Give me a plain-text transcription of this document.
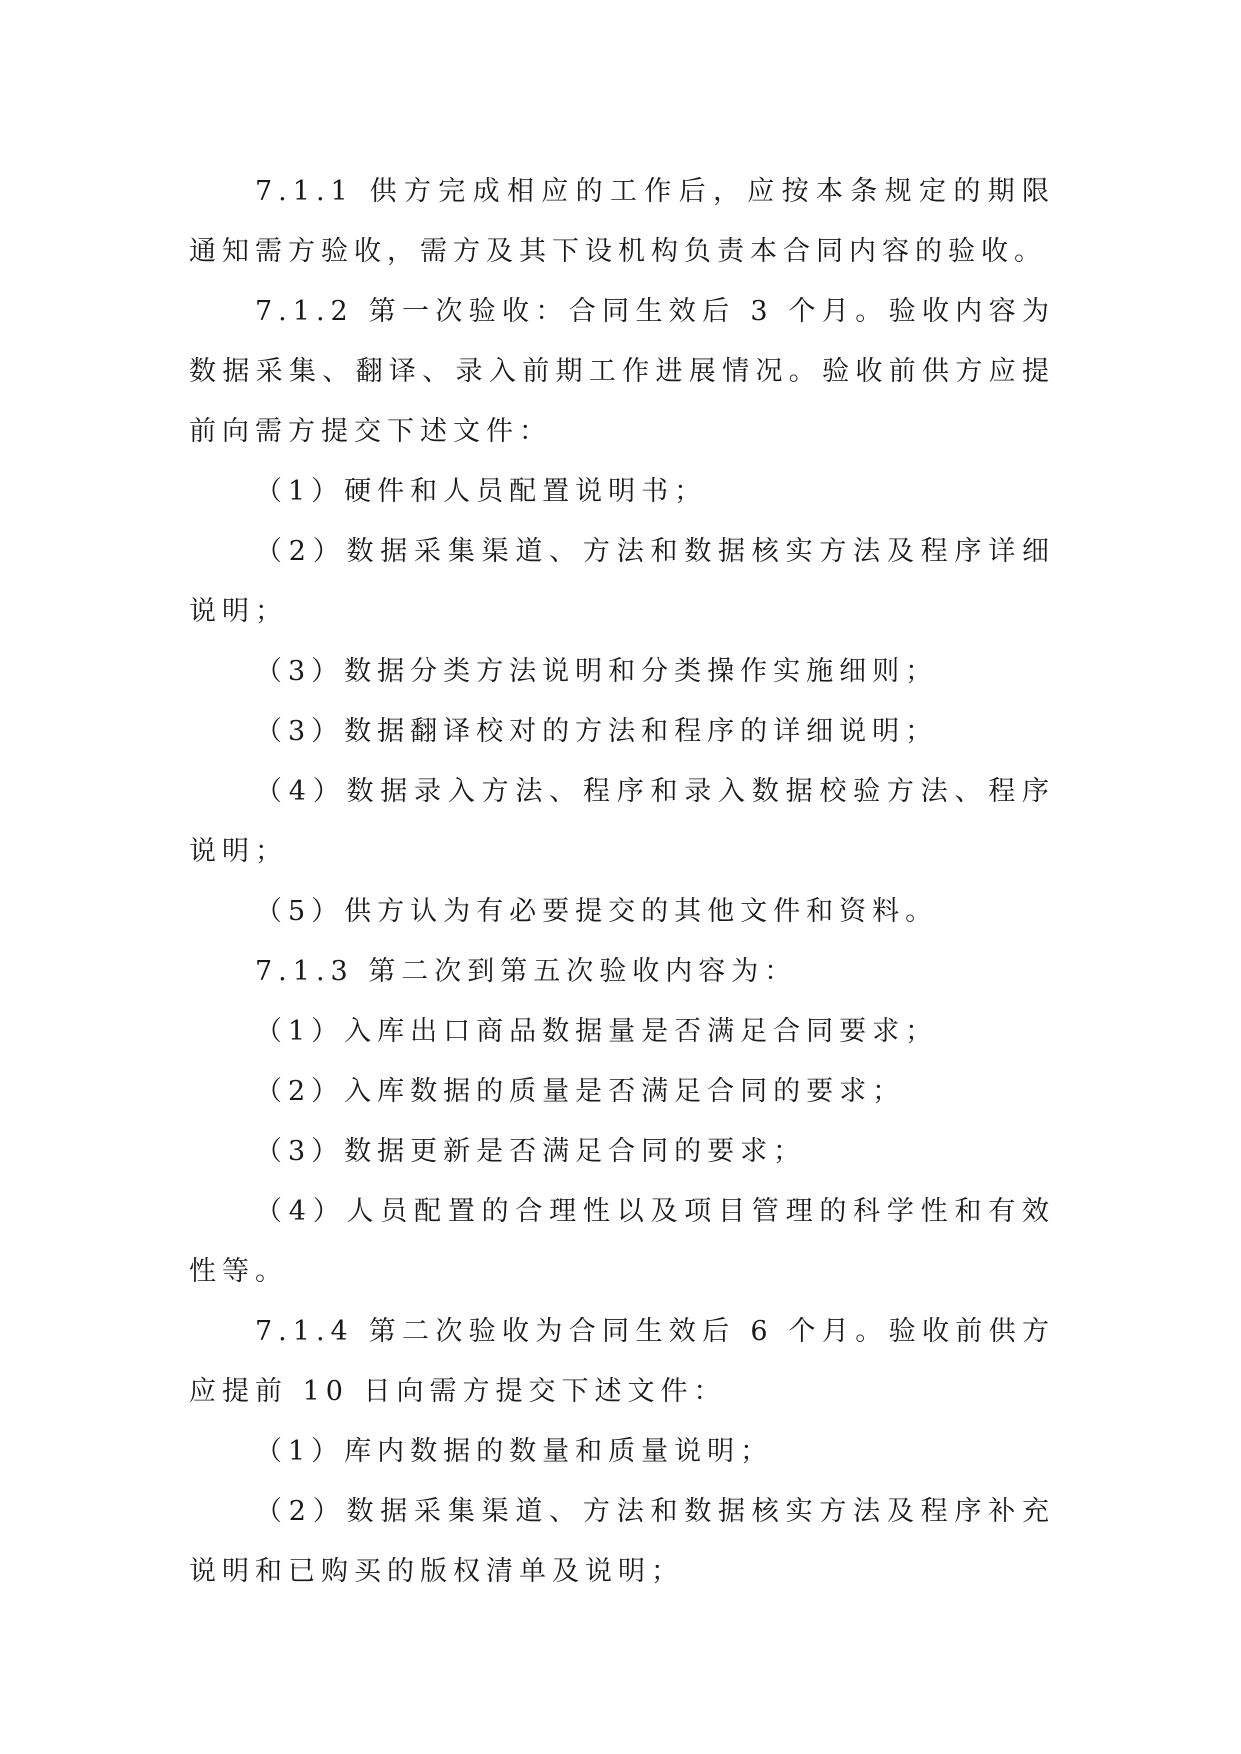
7.1.1 供方完成相应的工作后，应按本条规定的期限通知需方验收，需方及其下设机构负责本合同内容的验收。

7.1.2 第一次验收：合同生效后 3 个月。验收内容为数据采集、翻译、录入前期工作进展情况。验收前供方应提前向需方提交下述文件：

（1）硬件和人员配置说明书；

（2）数据采集渠道、方法和数据核实方法及程序详细说明；

（3）数据分类方法说明和分类操作实施细则；

（3）数据翻译校对的方法和程序的详细说明；

（4）数据录入方法、程序和录入数据校验方法、程序说明；

（5）供方认为有必要提交的其他文件和资料。

7.1.3 第二次到第五次验收内容为：

（1）入库出口商品数据量是否满足合同要求；

（2）入库数据的质量是否满足合同的要求；

（3）数据更新是否满足合同的要求；

（4）人员配置的合理性以及项目管理的科学性和有效性等。

7.1.4 第二次验收为合同生效后 6 个月。验收前供方应提前 10 日向需方提交下述文件：

（1）库内数据的数量和质量说明；

（2）数据采集渠道、方法和数据核实方法及程序补充说明和已购买的版权清单及说明；
